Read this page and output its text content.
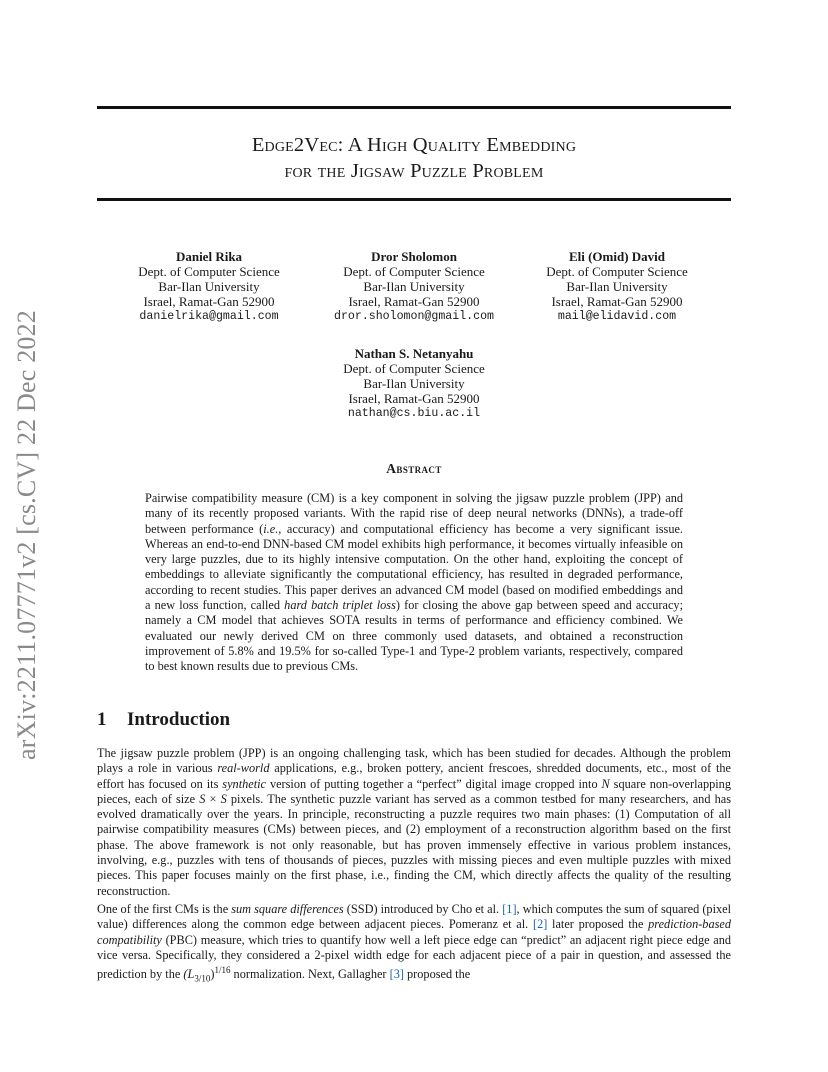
arXiv:2211.07771v2 [cs.CV] 22 Dec 2022
Edge2Vec: A High Quality Embedding
for the Jigsaw Puzzle Problem
Daniel Rika
Dept. of Computer Science
Bar-Ilan University
Israel, Ramat-Gan 52900
danielrika@gmail.com
Dror Sholomon
Dept. of Computer Science
Bar-Ilan University
Israel, Ramat-Gan 52900
dror.sholomon@gmail.com
Eli (Omid) David
Dept. of Computer Science
Bar-Ilan University
Israel, Ramat-Gan 52900
mail@elidavid.com
Nathan S. Netanyahu
Dept. of Computer Science
Bar-Ilan University
Israel, Ramat-Gan 52900
nathan@cs.biu.ac.il
Abstract
Pairwise compatibility measure (CM) is a key component in solving the jigsaw puzzle problem (JPP) and many of its recently proposed variants. With the rapid rise of deep neural networks (DNNs), a trade-off between performance (i.e., accuracy) and computational efficiency has become a very significant issue. Whereas an end-to-end DNN-based CM model exhibits high performance, it becomes virtually infeasible on very large puzzles, due to its highly intensive computation. On the other hand, exploiting the concept of embeddings to alleviate significantly the computational efficiency, has resulted in degraded performance, according to recent studies. This paper derives an advanced CM model (based on modified embeddings and a new loss function, called hard batch triplet loss) for closing the above gap between speed and accuracy; namely a CM model that achieves SOTA results in terms of performance and efficiency combined. We evaluated our newly derived CM on three commonly used datasets, and obtained a reconstruction improvement of 5.8% and 19.5% for so-called Type-1 and Type-2 problem variants, respectively, compared to best known results due to previous CMs.
1 Introduction
The jigsaw puzzle problem (JPP) is an ongoing challenging task, which has been studied for decades. Although the problem plays a role in various real-world applications, e.g., broken pottery, ancient frescoes, shredded documents, etc., most of the effort has focused on its synthetic version of putting together a “perfect” digital image cropped into N square non-overlapping pieces, each of size S × S pixels. The synthetic puzzle variant has served as a common testbed for many researchers, and has evolved dramatically over the years. In principle, reconstructing a puzzle requires two main phases: (1) Computation of all pairwise compatibility measures (CMs) between pieces, and (2) employment of a reconstruction algorithm based on the first phase. The above framework is not only reasonable, but has proven immensely effective in various problem instances, involving, e.g., puzzles with tens of thousands of pieces, puzzles with missing pieces and even multiple puzzles with mixed pieces. This paper focuses mainly on the first phase, i.e., finding the CM, which directly affects the quality of the resulting reconstruction.
One of the first CMs is the sum square differences (SSD) introduced by Cho et al. [1], which computes the sum of squared (pixel value) differences along the common edge between adjacent pieces. Pomeranz et al. [2] later proposed the prediction-based compatibility (PBC) measure, which tries to quantify how well a left piece edge can “predict” an adjacent right piece edge and vice versa. Specifically, they considered a 2-pixel width edge for each adjacent piece of a pair in question, and assessed the prediction by the $(L_{3/10})^{1/16}$ normalization. Next, Gallagher [3] proposed the
